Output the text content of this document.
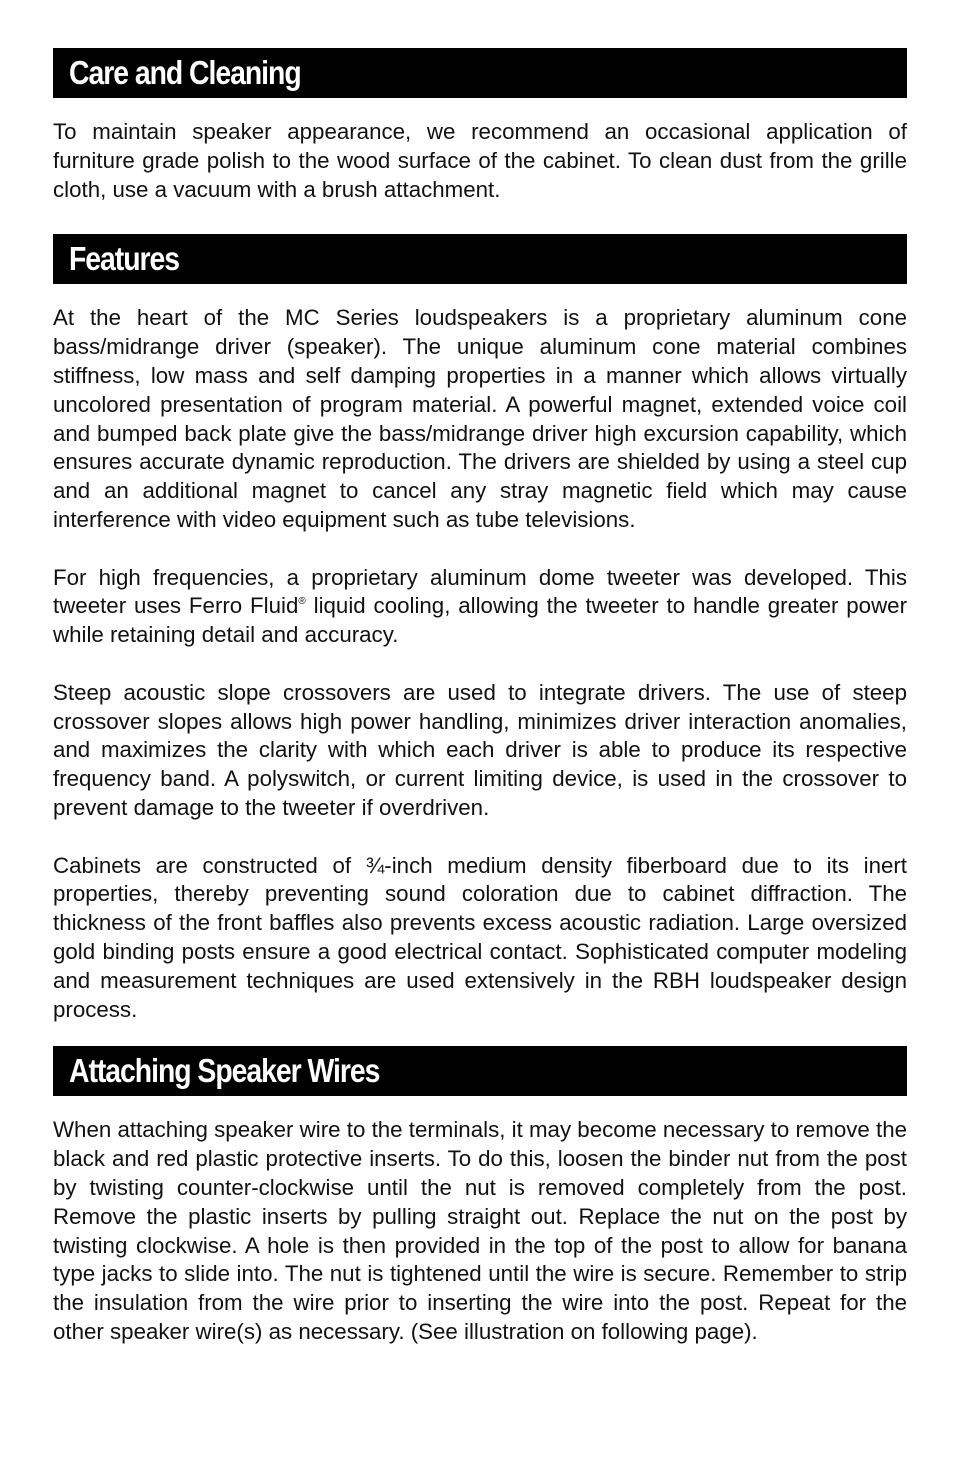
Care and Cleaning

To maintain speaker appearance, we recommend an occasional application of furniture grade polish to the wood surface of the cabinet. To clean dust from the grille cloth, use a vacuum with a brush attachment.

Features

At the heart of the MC Series loudspeakers is a proprietary aluminum cone bass/midrange driver (speaker). The unique aluminum cone material combines stiffness, low mass and self damping properties in a manner which allows virtually uncolored presentation of program material. A powerful magnet, extended voice coil and bumped back plate give the bass/midrange driver high excursion capability, which ensures accurate dynamic reproduction. The drivers are shielded by using a steel cup and an additional magnet to cancel any stray magnetic field which may cause interference with video equipment such as tube televisions.

For high frequencies, a proprietary aluminum dome tweeter was developed. This tweeter uses Ferro Fluid® liquid cooling, allowing the tweeter to handle greater power while retaining detail and accuracy.

Steep acoustic slope crossovers are used to integrate drivers. The use of steep crossover slopes allows high power handling, minimizes driver interaction anomalies, and maximizes the clarity with which each driver is able to produce its respective frequency band. A polyswitch, or current limiting device, is used in the crossover to prevent damage to the tweeter if overdriven.

Cabinets are constructed of ¾-inch medium density fiberboard due to its inert properties, thereby preventing sound coloration due to cabinet diffraction. The thickness of the front baffles also prevents excess acoustic radiation. Large oversized gold binding posts ensure a good electrical contact. Sophisticated computer modeling and measurement techniques are used extensively in the RBH loudspeaker design process.

Attaching Speaker Wires

When attaching speaker wire to the terminals, it may become necessary to remove the black and red plastic protective inserts. To do this, loosen the binder nut from the post by twisting counter-clockwise until the nut is removed completely from the post. Remove the plastic inserts by pulling straight out. Replace the nut on the post by twisting clockwise. A hole is then provided in the top of the post to allow for banana type jacks to slide into. The nut is tightened until the wire is secure. Remember to strip the insulation from the wire prior to inserting the wire into the post. Repeat for the other speaker wire(s) as necessary. (See illustration on following page).
